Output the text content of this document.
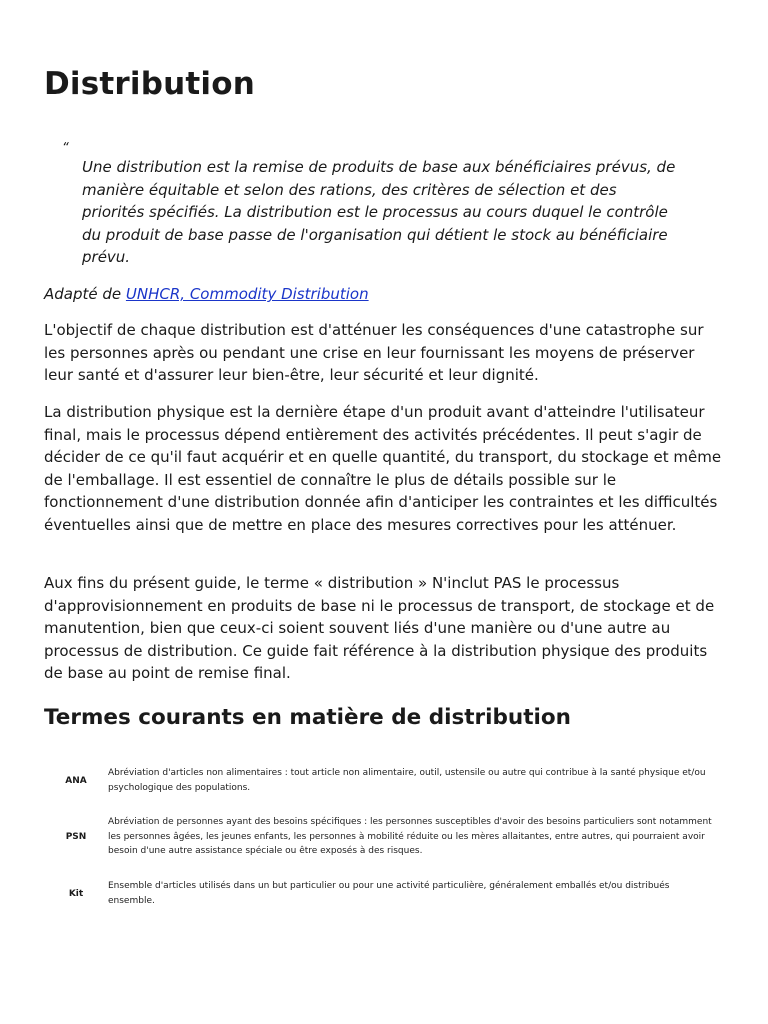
Distribution
“
Une distribution est la remise de produits de base aux bénéficiaires prévus, de manière équitable et selon des rations, des critères de sélection et des priorités spécifiés. La distribution est le processus au cours duquel le contrôle du produit de base passe de l'organisation qui détient le stock au bénéficiaire prévu.
Adapté de UNHCR, Commodity Distribution

L'objectif de chaque distribution est d'atténuer les conséquences d'une catastrophe sur les personnes après ou pendant une crise en leur fournissant les moyens de préserver leur santé et d'assurer leur bien-être, leur sécurité et leur dignité.

La distribution physique est la dernière étape d'un produit avant d'atteindre l'utilisateur final, mais le processus dépend entièrement des activités précédentes. Il peut s'agir de décider de ce qu'il faut acquérir et en quelle quantité, du transport, du stockage et même de l'emballage. Il est essentiel de connaître le plus de détails possible sur le fonctionnement d'une distribution donnée afin d'anticiper les contraintes et les difficultés éventuelles ainsi que de mettre en place des mesures correctives pour les atténuer.

Aux fins du présent guide, le terme « distribution » N'inclut PAS le processus d'approvisionnement en produits de base ni le processus de transport, de stockage et de manutention, bien que ceux-ci soient souvent liés d'une manière ou d'une autre au processus de distribution. Ce guide fait référence à la distribution physique des produits de base au point de remise final.

Termes courants en matière de distribution
ANA
Abréviation d'articles non alimentaires : tout article non alimentaire, outil, ustensile ou autre qui contribue à la santé physique et/ou psychologique des populations.
PSN
Abréviation de personnes ayant des besoins spécifiques : les personnes susceptibles d'avoir des besoins particuliers sont notamment les personnes âgées, les jeunes enfants, les personnes à mobilité réduite ou les mères allaitantes, entre autres, qui pourraient avoir besoin d'une autre assistance spéciale ou être exposés à des risques.
Kit
Ensemble d'articles utilisés dans un but particulier ou pour une activité particulière, généralement emballés et/ou distribués ensemble.
